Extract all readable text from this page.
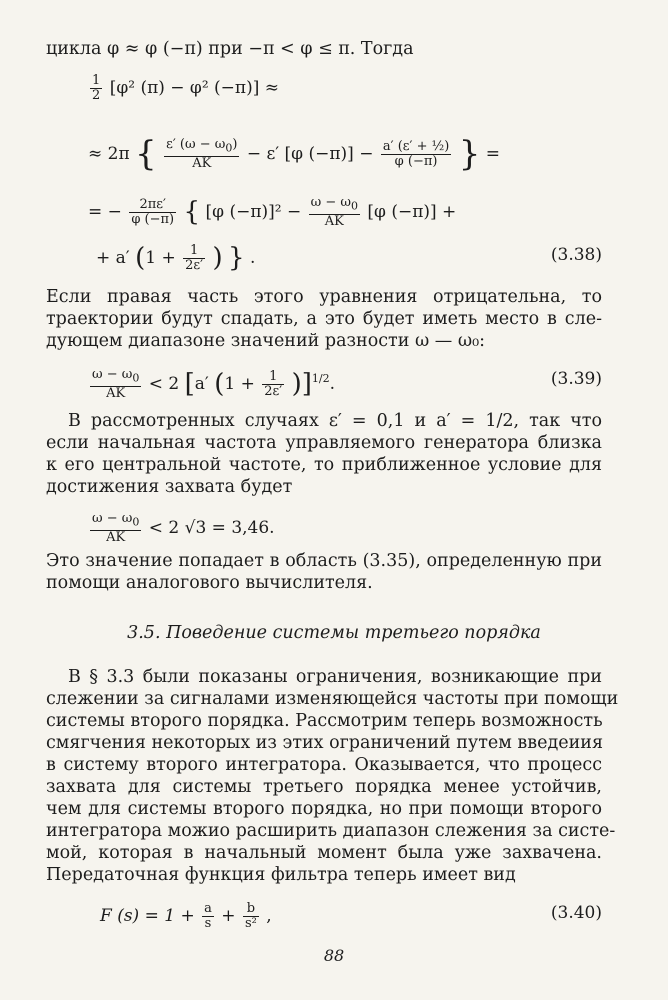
цикла φ ≈ φ (−π) при −π < φ ≤ π. Тогда
$\frac{1}{2} [\varphi^2$ (π) − φ² (−π)] ≈
≈ 2π { $\frac{\varepsilon' (\omega - \omega_0)}{AK} - \varepsilon'$ [φ $(-\pi)] - \frac{\text{a′ (ε′ + ½)}}{\varphi (-\pi)}$ } =
= − $\frac{2\pi\varepsilon'}{\varphi (-\pi)}$ { [φ $(-\pi)]^2 - \frac{\omega - \omega_0}{AK} [\varphi$ (−π)] +
+ a′ ($1 + \frac{1}{2\varepsilon'}$ ) } .	(3.38)
Если правая часть этого уравнения отрицательна, то
траектории будут спадать, а это будет иметь место в сле-
дующем диапазоне значений разности ω — ω₀:
$\frac{\omega - \omega_0}{AK} < 2$ [a′ $(1 + \frac{1}{2\varepsilon'} )]^{1/2}$.	(3.39)
В рассмотренных случаях ε′ = 0,1 и a′ = 1/2, так что
если начальная частота управляемого генератора близка
к его центральной частоте, то приближенное условие для
достижения захвата будет
$\frac{\omega - \omega_0}{AK} < 2$ √3 = 3,46.
Это значение попадает в область (3.35), определенную при
помощи аналогового вычислителя.
3.5. Поведение системы третьего порядка
В § 3.3 были показаны ограничения, возникающие при
слежении за сигналами изменяющейся частоты при помощи
системы второго порядка. Рассмотрим теперь возможность
смягчения некоторых из этих ограничений путем введеиия
в систему второго интегратора. Оказывается, что процесс
захвата для системы третьего порядка менее устойчив,
чем для системы второго порядка, но при помощи второго
интегратора можио расширить диапазон слежения за систе-
мой, которая в начальный момент была уже захвачена.
Передаточная функция фильтра теперь имеет вид
F $(s) = 1 + \frac{a}{s} + \frac{b}{\text{s²}}$ ,	(3.40)
88
